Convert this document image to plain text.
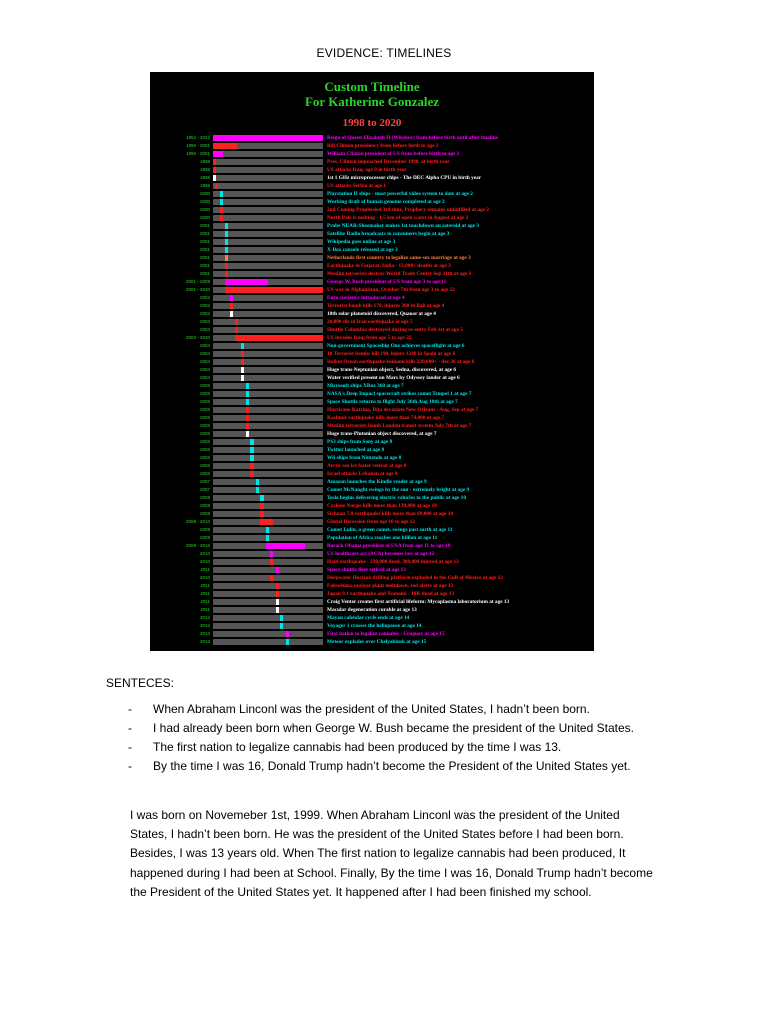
EVIDENCE: TIMELINES
Custom Timeline
For Katherine Gonzalez
1998 to 2020
1952 - 2022	Reign of Queen Elizabeth II (Windsor) from before birth until after fmaline
1993 - 2001	Bill Clinton presidency from before birth to age 2
1993 - 2001	William Clinton president of US from before birth to age 2
1998	Pres. Clinton impeached December 1998, at birth year
1998	US attacks Iraq, age 0 in birth year
1998	1st 1 GHz microprocessor chips - The DEC Alpha CPU in birth year
1999	US attacks Serbia at age 1
2000	Playstation II ships - most powerful video system to date at age 2
2000	Working draft of human genome completed at age 2
2000	2nd Coming Prophesied 3rd time, Prophecy remains unfulfilled at age 2
2000	North Pole is melting - 1.5 km of open water in August at age 2
2001	Probe NEAR-Shoemaker makes 1st touchdown on asteroid at age 3
2001	Satellite Radio broadcasts to consumers begin at age 3
2001	Wikipedia goes online at age 3
2001	X-Box console released at age 3
2001	Netherlands first country to legalize same-sex marriage at age 3
2001	Earthquake in Gujarat, India - 13,000+ deaths at age 3
2001	Muslim terrorists destroy World Trade Center Sep 11th at age 3
2001 - 2009	George W. Bush president of US from age 3 to age 11
2001 - 2020	US war in Afghanistan, October 7th from age 3 to age 22
2002	Euro currency introduced at age 4
2002	Terrorist bomb kills 170, injures 300 in Bali at age 4
2002	10th solar planetoid discovered, Quaoar at age 4
2003	26,000 die in Iran earthquake at age 5
2003	Shuttle Columbia destroyed during re-entry Feb 1st at age 5
2003 - 2020	US invades Iraq, from age 5 to age 22
2004	Non-government Spaceship One achieves spaceflight at age 6
2004	10 Terrorist bombs kill 190, injure 1240 in Spain at age 6
2004	Indian Ocean earthquake/tsunami kills 230,000+ - dec 26 at age 6
2004	Huge trans-Neptunian object, Sedna, discovered, at age 6
2004	Water verified present on Mars by Odyssey lander at age 6
2005	Microsoft ships XBox 360 at age 7
2005	NASA's Deep Impact spacecraft strikes comet Tempel 1 at age 7
2005	Space Shuttle returns to flight July 26th Aug 10th at age 7
2005	Hurricane Katrina, Rita devastate New Orleans - Aug, Sep at age 7
2005	Kashmir earthquake kills more than 74,000 at age 7
2005	Muslim terrorists bomb London transit system July 7th at age 7
2005	Huge trans-Plutonian object discovered, at age 7
2006	PS3 ships from Sony at age 8
2006	Twitter launched at age 8
2006	Wii ships from Nintendo at age 8
2006	Arctic sea ice faster retreat at age 8
2006	Israel attacks Lebanon at age 8
2007	Amazon launches the Kindle reader at age 9
2007	Comet McNaught swings by the sun - extremely bright at age 9
2008	Tesla begins delivering electric vehicles to the public at age 10
2008	Cyclone Nargis kills more than 130,000 at age 10
2008	Sichuan 7.8 earthquake kills more than 69,000 at age 10
2008 - 2010	Global Recession from age 10 to age 12
2009	Comet Lulin, a green comet, swings past earth at age 11
2009	Population of Africa reaches one billion at age 11
2009 - 2016	Barack Obama president of USA from age 11 to age 18
2010	US healthcare act (ACA) becomes law at age 12
2010	Haiti earthquake - 230,000 dead, 300,000 injured at age 12
2011	Space shuttle fleet retired at age 13
2010	Deepwater Horizon drilling platform exploded in the Gulf of Mexico at age 12
2011	Fukushima nuclear plant meltdown, red alerts at age 13
2011	Japan 9.1 earthquake and Tsunami - 18K dead at age 13
2011	Craig Venter creates first artificial lifeform: Mycoplasma laboratorium at age 13
2011	Macular degeneration curable at age 13
2012	Mayan calendar cycle ends at age 14
2012	Voyager 1 crosses the heliopause at age 14
2013	First nation to legalize cannabis - Uruguay at age 15
2013	Meteor explodes over Chelyabinsk at age 15
SENTECES:
- When Abraham Linconl was the president of the United States, I hadn’t been born.
- I had already been born when George W. Bush became the president of the United States.
- The first nation to legalize cannabis had been produced by the time I was 13.
- By the time I was 16, Donald Trump hadn’t become the President of the United States yet.
I was born on Novemeber 1st, 1999. When Abraham Linconl was the president of the United States, I hadn’t been born. He was the president of the United States before I had been born. Besides, I was 13 years old. When The first nation to legalize cannabis had been produced, It happened during I had been at School. Finally, By the time I was 16, Donald Trump hadn’t become the President of the United States yet. It happened after I had been finished my school.
